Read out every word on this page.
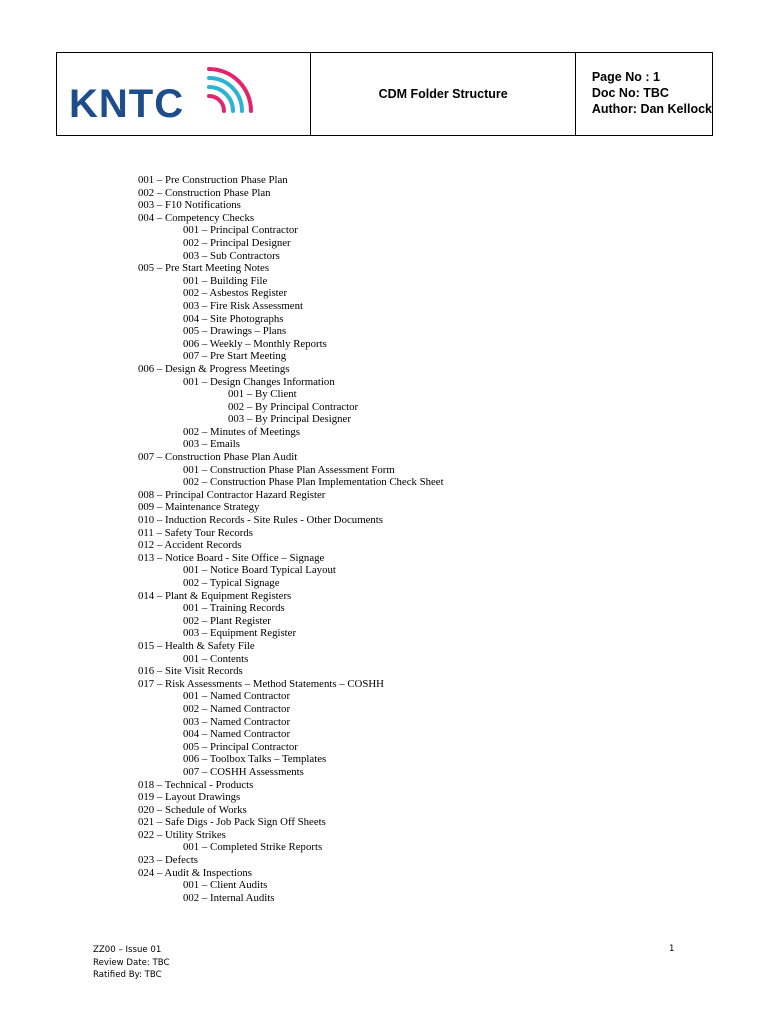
KNTC	CDM Folder Structure
Page No : 1
Doc No: TBC
Author: Dan Kellock
001 – Pre Construction Phase Plan
002 – Construction Phase Plan
003 – F10 Notifications
004 – Competency Checks
001 – Principal Contractor
002 – Principal Designer
003 – Sub Contractors
005 – Pre Start Meeting Notes
001 – Building File
002 – Asbestos Register
003 – Fire Risk Assessment
004 – Site Photographs
005 – Drawings – Plans
006 – Weekly – Monthly Reports
007 – Pre Start Meeting
006 – Design & Progress Meetings
001 – Design Changes Information
001 – By Client
002 – By Principal Contractor
003 – By Principal Designer
002 – Minutes of Meetings
003 – Emails
007 – Construction Phase Plan Audit
001 – Construction Phase Plan Assessment Form
002 – Construction Phase Plan Implementation Check Sheet
008 – Principal Contractor Hazard Register
009 – Maintenance Strategy
010 – Induction Records - Site Rules - Other Documents
011 – Safety Tour Records
012 – Accident Records
013 – Notice Board - Site Office – Signage
001 – Notice Board Typical Layout
002 – Typical Signage
014 – Plant & Equipment Registers
001 – Training Records
002 – Plant Register
003 – Equipment Register
015 – Health & Safety File
001 – Contents
016 – Site Visit Records
017 – Risk Assessments – Method Statements – COSHH
001 – Named Contractor
002 – Named Contractor
003 – Named Contractor
004 – Named Contractor
005 – Principal Contractor
006 – Toolbox Talks – Templates
007 – COSHH Assessments
018 – Technical - Products
019 – Layout Drawings
020 – Schedule of Works
021 – Safe Digs - Job Pack Sign Off Sheets
022 – Utility Strikes
001 – Completed Strike Reports
023 – Defects
024 – Audit & Inspections
001 – Client Audits
002 – Internal Audits
ZZ00 – Issue 01
Review Date: TBC
Ratified By: TBC
1
